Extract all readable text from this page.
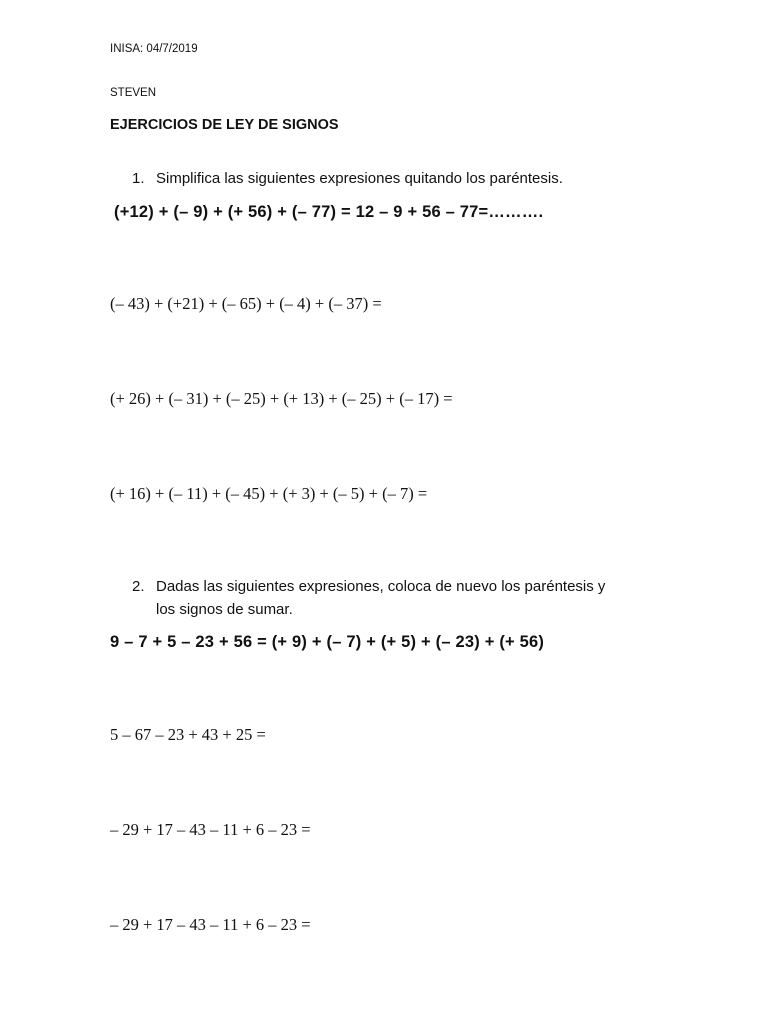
INISA: 04/7/2019
STEVEN
EJERCICIOS DE LEY DE SIGNOS
1. Simplifica las siguientes expresiones quitando los paréntesis.
(+12) + (– 9) + (+ 56) + (– 77) = 12 – 9 + 56 – 77=……….
(– 43) + (+21) + (– 65) + (– 4) + (– 37) =
(+ 26) + (– 31) + (– 25) + (+ 13) + (– 25) + (– 17) =
(+ 16) + (– 11) + (– 45) + (+ 3) + (– 5) + (– 7) =
2. Dadas las siguientes expresiones, coloca de nuevo los paréntesis y
los signos de sumar.
9 – 7 + 5 – 23 + 56 = (+ 9) + (– 7) + (+ 5) + (– 23) + (+ 56)
5 – 67 – 23 + 43 + 25 =
– 29 + 17 – 43 – 11 + 6 – 23 =
– 29 + 17 – 43 – 11 + 6 – 23 =
